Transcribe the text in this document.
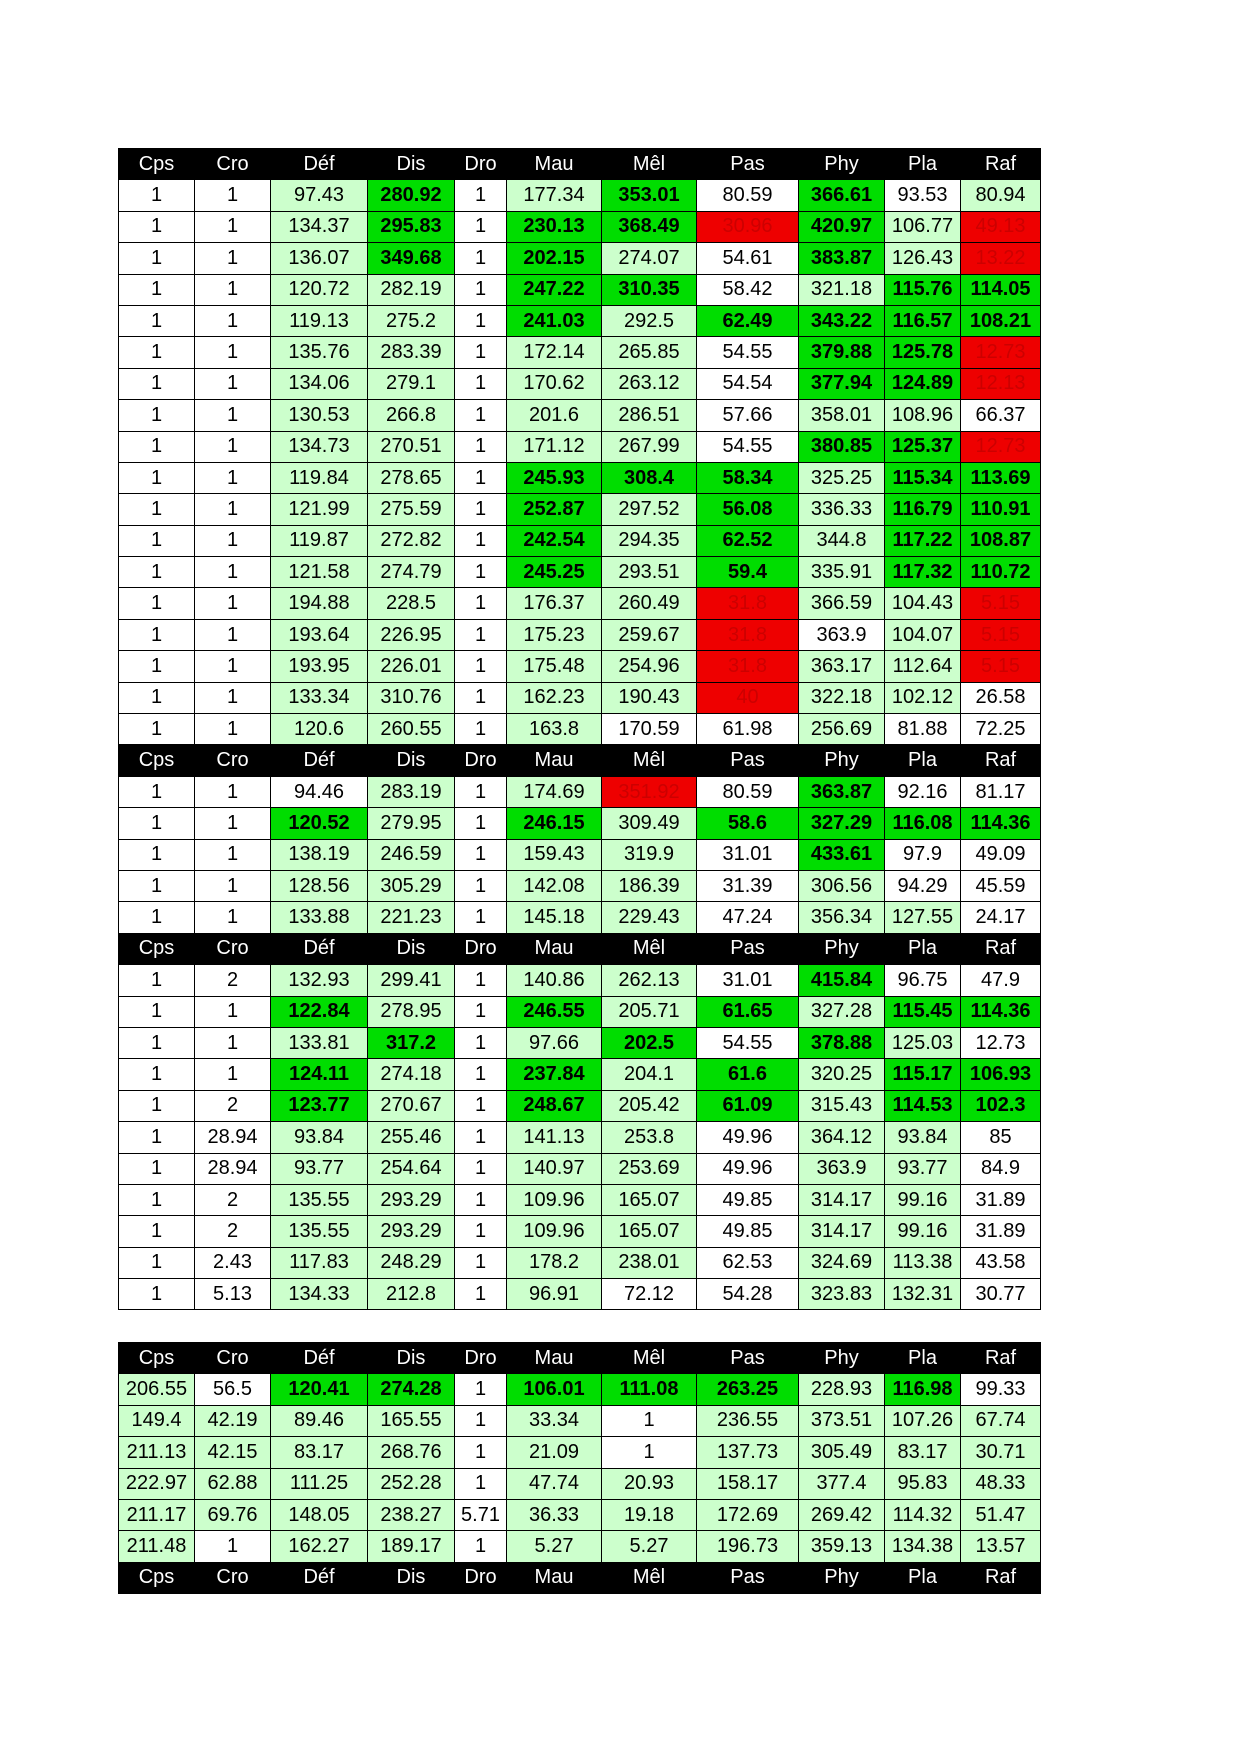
Cps	Cro	Déf	Dis	Dro	Mau	Mêl	Pas	Phy	Pla	Raf
1	1	97.43	280.92	1	177.34	353.01	80.59	366.61	93.53	80.94
1	1	134.37	295.83	1	230.13	368.49	30.96	420.97	106.77	49.13
1	1	136.07	349.68	1	202.15	274.07	54.61	383.87	126.43	13.22
1	1	120.72	282.19	1	247.22	310.35	58.42	321.18	115.76	114.05
1	1	119.13	275.2	1	241.03	292.5	62.49	343.22	116.57	108.21
1	1	135.76	283.39	1	172.14	265.85	54.55	379.88	125.78	12.73
1	1	134.06	279.1	1	170.62	263.12	54.54	377.94	124.89	12.13
1	1	130.53	266.8	1	201.6	286.51	57.66	358.01	108.96	66.37
1	1	134.73	270.51	1	171.12	267.99	54.55	380.85	125.37	12.73
1	1	119.84	278.65	1	245.93	308.4	58.34	325.25	115.34	113.69
1	1	121.99	275.59	1	252.87	297.52	56.08	336.33	116.79	110.91
1	1	119.87	272.82	1	242.54	294.35	62.52	344.8	117.22	108.87
1	1	121.58	274.79	1	245.25	293.51	59.4	335.91	117.32	110.72
1	1	194.88	228.5	1	176.37	260.49	31.8	366.59	104.43	5.15
1	1	193.64	226.95	1	175.23	259.67	31.8	363.9	104.07	5.15
1	1	193.95	226.01	1	175.48	254.96	31.8	363.17	112.64	5.15
1	1	133.34	310.76	1	162.23	190.43	40	322.18	102.12	26.58
1	1	120.6	260.55	1	163.8	170.59	61.98	256.69	81.88	72.25
Cps	Cro	Déf	Dis	Dro	Mau	Mêl	Pas	Phy	Pla	Raf
1	1	94.46	283.19	1	174.69	351.92	80.59	363.87	92.16	81.17
1	1	120.52	279.95	1	246.15	309.49	58.6	327.29	116.08	114.36
1	1	138.19	246.59	1	159.43	319.9	31.01	433.61	97.9	49.09
1	1	128.56	305.29	1	142.08	186.39	31.39	306.56	94.29	45.59
1	1	133.88	221.23	1	145.18	229.43	47.24	356.34	127.55	24.17
Cps	Cro	Déf	Dis	Dro	Mau	Mêl	Pas	Phy	Pla	Raf
1	2	132.93	299.41	1	140.86	262.13	31.01	415.84	96.75	47.9
1	1	122.84	278.95	1	246.55	205.71	61.65	327.28	115.45	114.36
1	1	133.81	317.2	1	97.66	202.5	54.55	378.88	125.03	12.73
1	1	124.11	274.18	1	237.84	204.1	61.6	320.25	115.17	106.93
1	2	123.77	270.67	1	248.67	205.42	61.09	315.43	114.53	102.3
1	28.94	93.84	255.46	1	141.13	253.8	49.96	364.12	93.84	85
1	28.94	93.77	254.64	1	140.97	253.69	49.96	363.9	93.77	84.9
1	2	135.55	293.29	1	109.96	165.07	49.85	314.17	99.16	31.89
1	2	135.55	293.29	1	109.96	165.07	49.85	314.17	99.16	31.89
1	2.43	117.83	248.29	1	178.2	238.01	62.53	324.69	113.38	43.58
1	5.13	134.33	212.8	1	96.91	72.12	54.28	323.83	132.31	30.77
Cps	Cro	Déf	Dis	Dro	Mau	Mêl	Pas	Phy	Pla	Raf
206.55	56.5	120.41	274.28	1	106.01	111.08	263.25	228.93	116.98	99.33
149.4	42.19	89.46	165.55	1	33.34	1	236.55	373.51	107.26	67.74
211.13	42.15	83.17	268.76	1	21.09	1	137.73	305.49	83.17	30.71
222.97	62.88	111.25	252.28	1	47.74	20.93	158.17	377.4	95.83	48.33
211.17	69.76	148.05	238.27	5.71	36.33	19.18	172.69	269.42	114.32	51.47
211.48	1	162.27	189.17	1	5.27	5.27	196.73	359.13	134.38	13.57
Cps	Cro	Déf	Dis	Dro	Mau	Mêl	Pas	Phy	Pla	Raf
